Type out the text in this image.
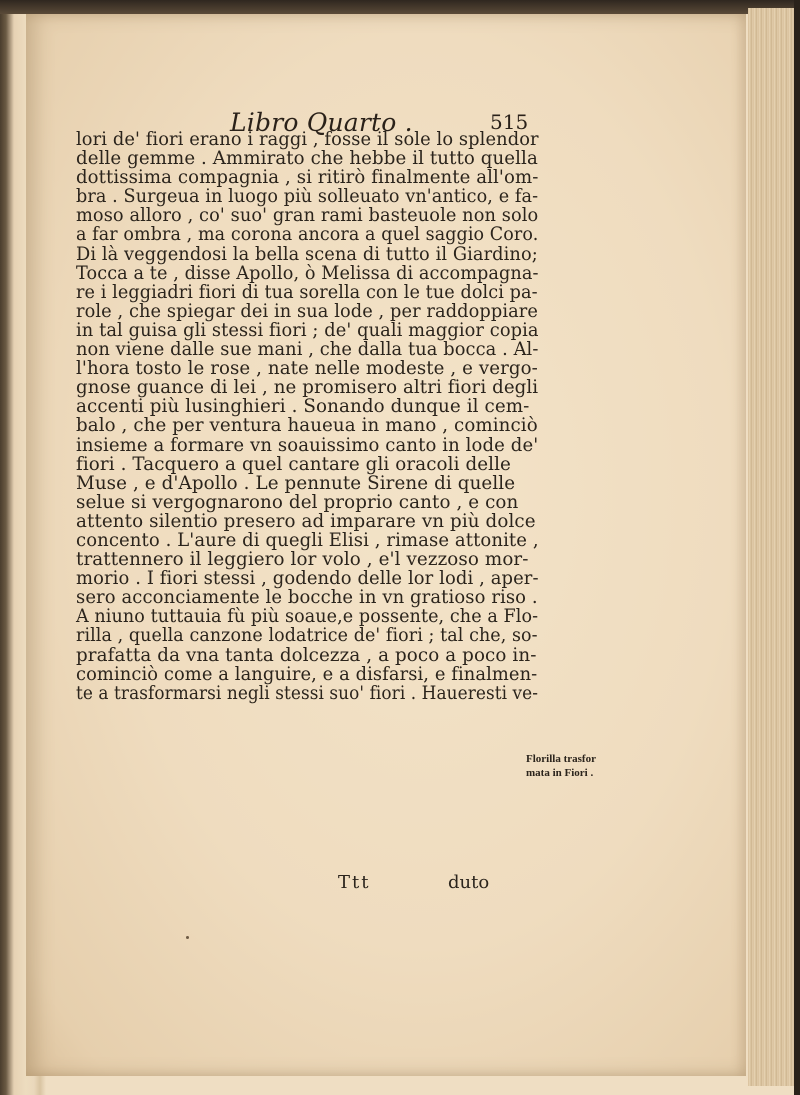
Libro Quarto .	515
lori de' fiori erano i raggi , fosse il sole lo splendor
delle gemme . Ammirato che hebbe il tutto quella
dottissima compagnia , si ritirò finalmente all'om-
bra . Surgeua in luogo più solleuato vn'antico, e fa-
moso alloro , co' suo' gran rami basteuole non solo
a far ombra , ma corona ancora a quel saggio Coro.
Di là veggendosi la bella scena di tutto il Giardino;
Tocca a te , disse Apollo, ò Melissa di accompagna-
re i leggiadri fiori di tua sorella con le tue dolci pa-
role , che spiegar dei in sua lode , per raddoppiare
in tal guisa gli stessi fiori ; de' quali maggior copia
non viene dalle sue mani , che dalla tua bocca . Al-
l'hora tosto le rose , nate nelle modeste , e vergo-
gnose guance di lei , ne promisero altri fiori degli
accenti più lusinghieri . Sonando dunque il cem-
balo , che per ventura haueua in mano , cominciò
insieme a formare vn soauissimo canto in lode de'
fiori . Tacquero a quel cantare gli oracoli delle
Muse , e d'Apollo . Le pennute Sirene di quelle
selue si vergognarono del proprio canto , e con
attento silentio presero ad imparare vn più dolce
concento . L'aure di quegli Elisi , rimase attonite ,
trattennero il leggiero lor volo , e'l vezzoso mor-
morio . I fiori stessi , godendo delle lor lodi , aper-
sero acconciamente le bocche in vn gratioso riso .
A niuno tuttauia fù più soaue,e possente, che a Flo-
rilla , quella canzone lodatrice de' fiori ; tal che, so-
prafatta da vna tanta dolcezza , a poco a poco in-
cominciò come a languire, e a disfarsi, e finalmen-
te a trasformarsi negli stessi suo' fiori . Haueresti ve-
Florilla trasfor
mata in Fiori .
Ttt	duto
